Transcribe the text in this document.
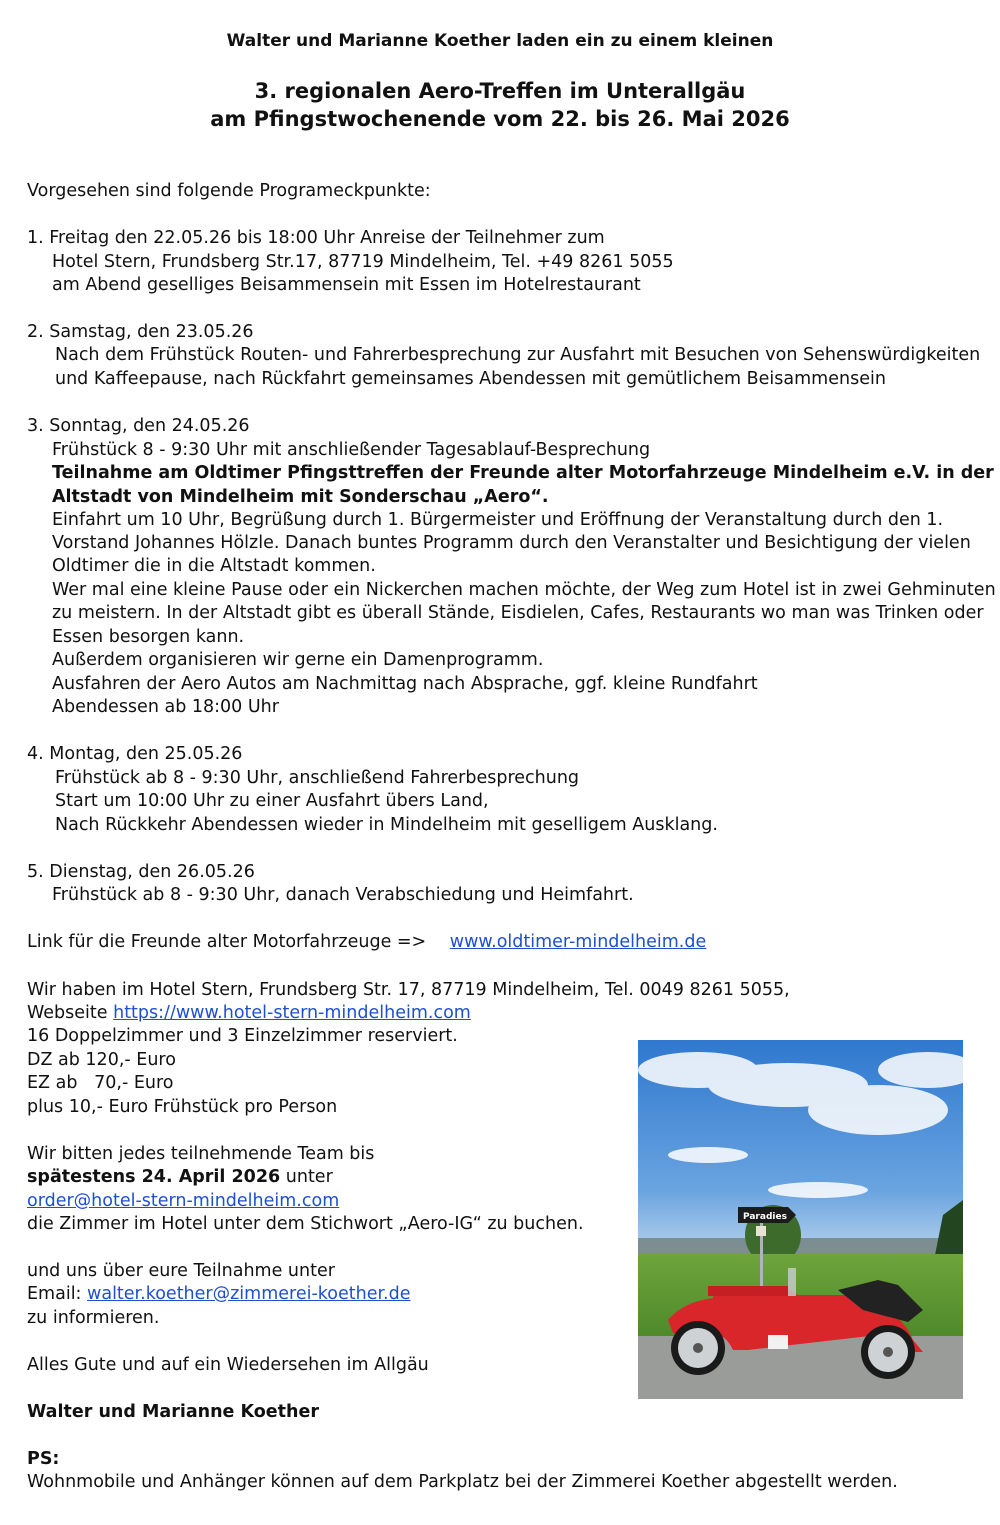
Walter und Marianne Koether laden ein zu einem kleinen
3. regionalen Aero-Treffen im Unterallgäu
am Pfingstwochenende vom 22. bis 26. Mai 2026
Vorgesehen sind folgende Programeckpunkte:
1. Freitag den 22.05.26 bis 18:00 Uhr Anreise der Teilnehmer zum
Hotel Stern, Frundsberg Str.17, 87719 Mindelheim, Tel. +49 8261 5055
am Abend geselliges Beisammensein mit Essen im Hotelrestaurant
2. Samstag, den 23.05.26
Nach dem Frühstück Routen- und Fahrerbesprechung zur Ausfahrt mit Besuchen von Sehenswürdigkeiten
und Kaffeepause, nach Rückfahrt gemeinsames Abendessen mit gemütlichem Beisammensein
3. Sonntag, den 24.05.26
Frühstück 8 - 9:30 Uhr mit anschließender Tagesablauf-Besprechung
Teilnahme am Oldtimer Pfingsttreffen der Freunde alter Motorfahrzeuge Mindelheim e.V. in der
Altstadt von Mindelheim mit Sonderschau „Aero“.
Einfahrt um 10 Uhr, Begrüßung durch 1. Bürgermeister und Eröffnung der Veranstaltung durch den 1.
Vorstand Johannes Hölzle. Danach buntes Programm durch den Veranstalter und Besichtigung der vielen
Oldtimer die in die Altstadt kommen.
Wer mal eine kleine Pause oder ein Nickerchen machen möchte, der Weg zum Hotel ist in zwei Gehminuten
zu meistern. In der Altstadt gibt es überall Stände, Eisdielen, Cafes, Restaurants wo man was Trinken oder
Essen besorgen kann.
Außerdem organisieren wir gerne ein Damenprogramm.
Ausfahren der Aero Autos am Nachmittag nach Absprache, ggf. kleine Rundfahrt
Abendessen ab 18:00 Uhr
4. Montag, den 25.05.26
Frühstück ab 8 - 9:30 Uhr, anschließend Fahrerbesprechung
Start um 10:00 Uhr zu einer Ausfahrt übers Land,
Nach Rückkehr Abendessen wieder in Mindelheim mit geselligem Ausklang.
5. Dienstag, den 26.05.26
Frühstück ab 8 - 9:30 Uhr, danach Verabschiedung und Heimfahrt.
Link für die Freunde alter Motorfahrzeuge => www.oldtimer-mindelheim.de
Wir haben im Hotel Stern, Frundsberg Str. 17, 87719 Mindelheim, Tel. 0049 8261 5055,
Webseite https://www.hotel-stern-mindelheim.com
16 Doppelzimmer und 3 Einzelzimmer reserviert.
DZ ab 120,- Euro
EZ ab   70,- Euro
plus 10,- Euro Frühstück pro Person
Wir bitten jedes teilnehmende Team bis
spätestens 24. April 2026 unter
order@hotel-stern-mindelheim.com
die Zimmer im Hotel unter dem Stichwort „Aero-IG“ zu buchen.
und uns über eure Teilnahme unter
Email: walter.koether@zimmerei-koether.de
zu informieren.
Alles Gute und auf ein Wiedersehen im Allgäu
Walter und Marianne Koether
PS:
Wohnmobile und Anhänger können auf dem Parkplatz bei der Zimmerei Koether abgestellt werden.
Paradies
